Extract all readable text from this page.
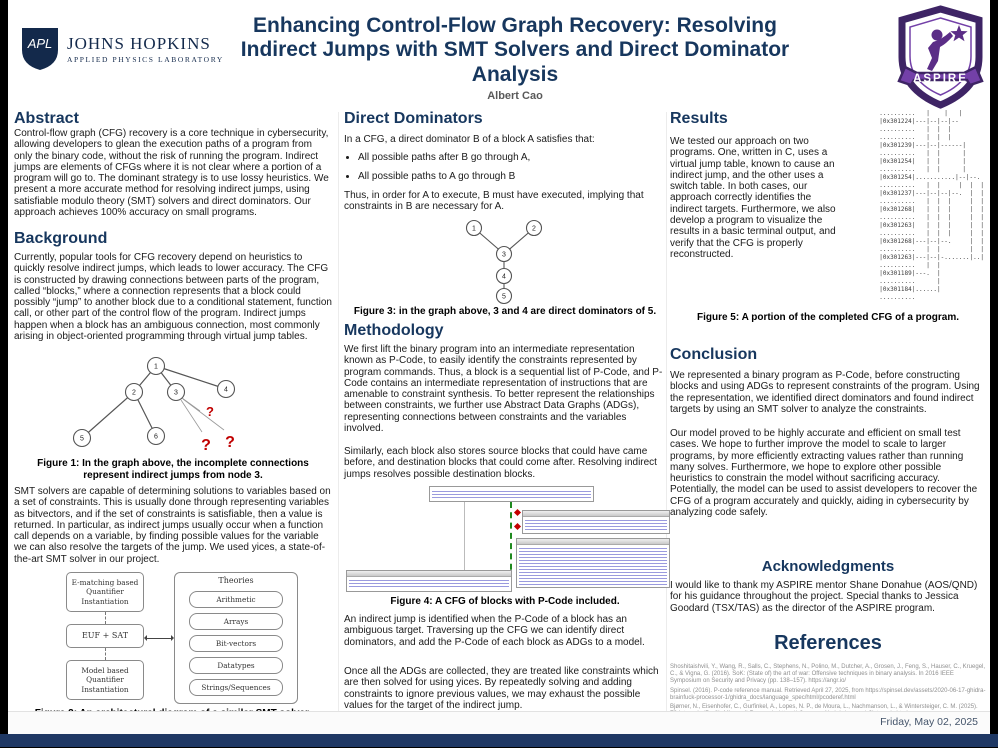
APL JOHNS HOPKINS
APPLIED PHYSICS LABORATORY
Enhancing Control-Flow Graph Recovery: Resolving Indirect Jumps with SMT Solvers and Direct Dominator Analysis
Albert Cao
ASPIRE
Abstract
Control-flow graph (CFG) recovery is a core technique in cybersecurity, allowing developers to glean the execution paths of a program from only the binary code, without the risk of running the program. Indirect jumps are elements of CFGs where it is not clear where a portion of a program will go to. The dominant strategy is to use lossy heuristics. We present a more accurate method for resolving indirect jumps, using satisfiable modulo theory (SMT) solvers and direct dominators. Our approach achieves 100% accuracy on small programs.
Background
Currently, popular tools for CFG recovery depend on heuristics to quickly resolve indirect jumps, which leads to lower accuracy. The CFG is constructed by drawing connections between parts of the program, called “blocks,” where a connection represents that a block could possibly “jump” to another block due to a conditional statement, function call, or other part of the control flow of the program. Indirect jumps happen when a block has an ambiguous connection, most commonly arising in object-oriented programming through virtual jump tables.
1
2	3	4
5	6
?
? ?
Figure 1: In the graph above, the incomplete connections represent indirect jumps from node 3.
SMT solvers are capable of determining solutions to variables based on a set of constraints. This is usually done through representing variables as bitvectors, and if the set of constraints is satisfiable, then a value is returned. In particular, as indirect jumps usually occur when a function call depends on a variable, by finding possible values for the variable we can also resolve the targets of the jump. We used yices, a state-of-the-art SMT solver in our project.
E-matching based Quantifier Instantiation
EUF + SAT
Model based Quantifier Instantiation
Theories
Arithmetic
Arrays
Bit-vectors
Datatypes
Strings/Sequences
Direct Dominators
In a CFG, a direct dominator B of a block A satisfies that:
• All possible paths after B go through A,
• All possible paths to A go through B
Thus, in order for A to execute, B must have executed, implying that constraints in B are necessary for A.
1	2
3
4
5
Figure 3: in the graph above, 3 and 4 are direct dominators of 5.
Methodology
We first lift the binary program into an intermediate representation known as P-Code, to easily identify the constraints represented by program commands. Thus, a block is a sequential list of P-Code, and P-Code contains an intermediate representation of instructions that are amenable to constraint synthesis. To better represent the relationships between constraints, we further use Abstract Data Graphs (ADGs), representing connections between constraints and the variables involved.
Similarly, each block also stores source blocks that could have came before, and destination blocks that could come after. Resolving indirect jumps resolves possible destination blocks.
Figure 4: A CFG of blocks with P-Code included.
An indirect jump is identified when the P-Code of a block has an ambiguous target. Traversing up the CFG we can identify direct dominators, and add the P-Code of each block as ADGs to a model.
Once all the ADGs are collected, they are treated like constraints which are then solved for using yices. By repeatedly solving and adding constraints to ignore previous values, we may exhaust the possible values for the target of the indirect jump.
Results
We tested our approach on two programs. One, written in C, uses a virtual jump table, known to cause an indirect jump, and the other uses a switch table. In both cases, our approach correctly identifies the indirect targets. Furthermore, we also develop a program to visualize the results in a basic terminal output, and verify that the CFG is properly reconstructed.
..........   |    |   |
|0x301224|---|--|--|--
..........   |  |  |
..........   |  |  |
|0x301239|---|--|------|
..........   |  |      |
|0x301254|   |  |      |
..........   |  |      |
|0x301254|...........|--|--.
..........   |  |     |  |  |
|0x301237|---|--|--|--.  |  |
..........   |  |  |     |  |
|0x301268|   |  |  |     |  |
..........   |  |  |     |  |
|0x301263|   |  |  |     |  |
..........   |  |  |     |  |
|0x301268|---|--|--.     |  |
..........   |  |        |  |
|0x301263|---|--|-.......|..|
..........   |  |
|0x301189|---.  |
..........      |
|0x301184|......|
..........
Figure 5: A portion of the completed CFG of a program.
Conclusion
We represented a binary program as P-Code, before constructing blocks and using ADGs to represent constraints of the program. Using the representation, we identified direct dominators and found indirect targets by using an SMT solver to analyze the constraints.
Our model proved to be highly accurate and efficient on small test cases. We hope to further improve the model to scale to larger programs, by more efficiently extracting values rather than running many solves. Furthermore, we hope to explore other possible heuristics to constrain the model without sacrificing accuracy. Potentially, the model can be used to assist developers to recover the CFG of a program accurately and quickly, aiding in cybersecurity by analyzing code safely.
Acknowledgments
I would like to thank my ASPIRE mentor Shane Donahue (AOS/QND) for his guidance throughout the project. Special thanks to Jessica Goodard (TSX/TAS) as the director of the ASPIRE program.
References

Shoshitaishvili, Y., Wang, R., Salls, C., Stephens, N., Polino, M., Dutcher, A., Grosen, J., Feng, S., Hauser, C., Kruegel, C., & Vigna, G. (2016). SoK: (State of) the art of war: Offensive techniques in binary analysis. In 2016 IEEE Symposium on Security and Privacy (pp. 138–157). https://angr.io/

Spinsel. (2016). P-code reference manual. Retrieved April 27, 2025, from https://spinsel.dev/assets/2020-06-17-ghidra-brainfuck-processor-1/ghidra_docs/language_spec/html/pcoderef.html

Bjørner, N., Eisenhofer, C., Gurfinkel, A., Lopes, N. P., de Moura, L., Nachmanson, L., & Wintersteiger, C. M. (2025).

Friday, May 02, 2025
